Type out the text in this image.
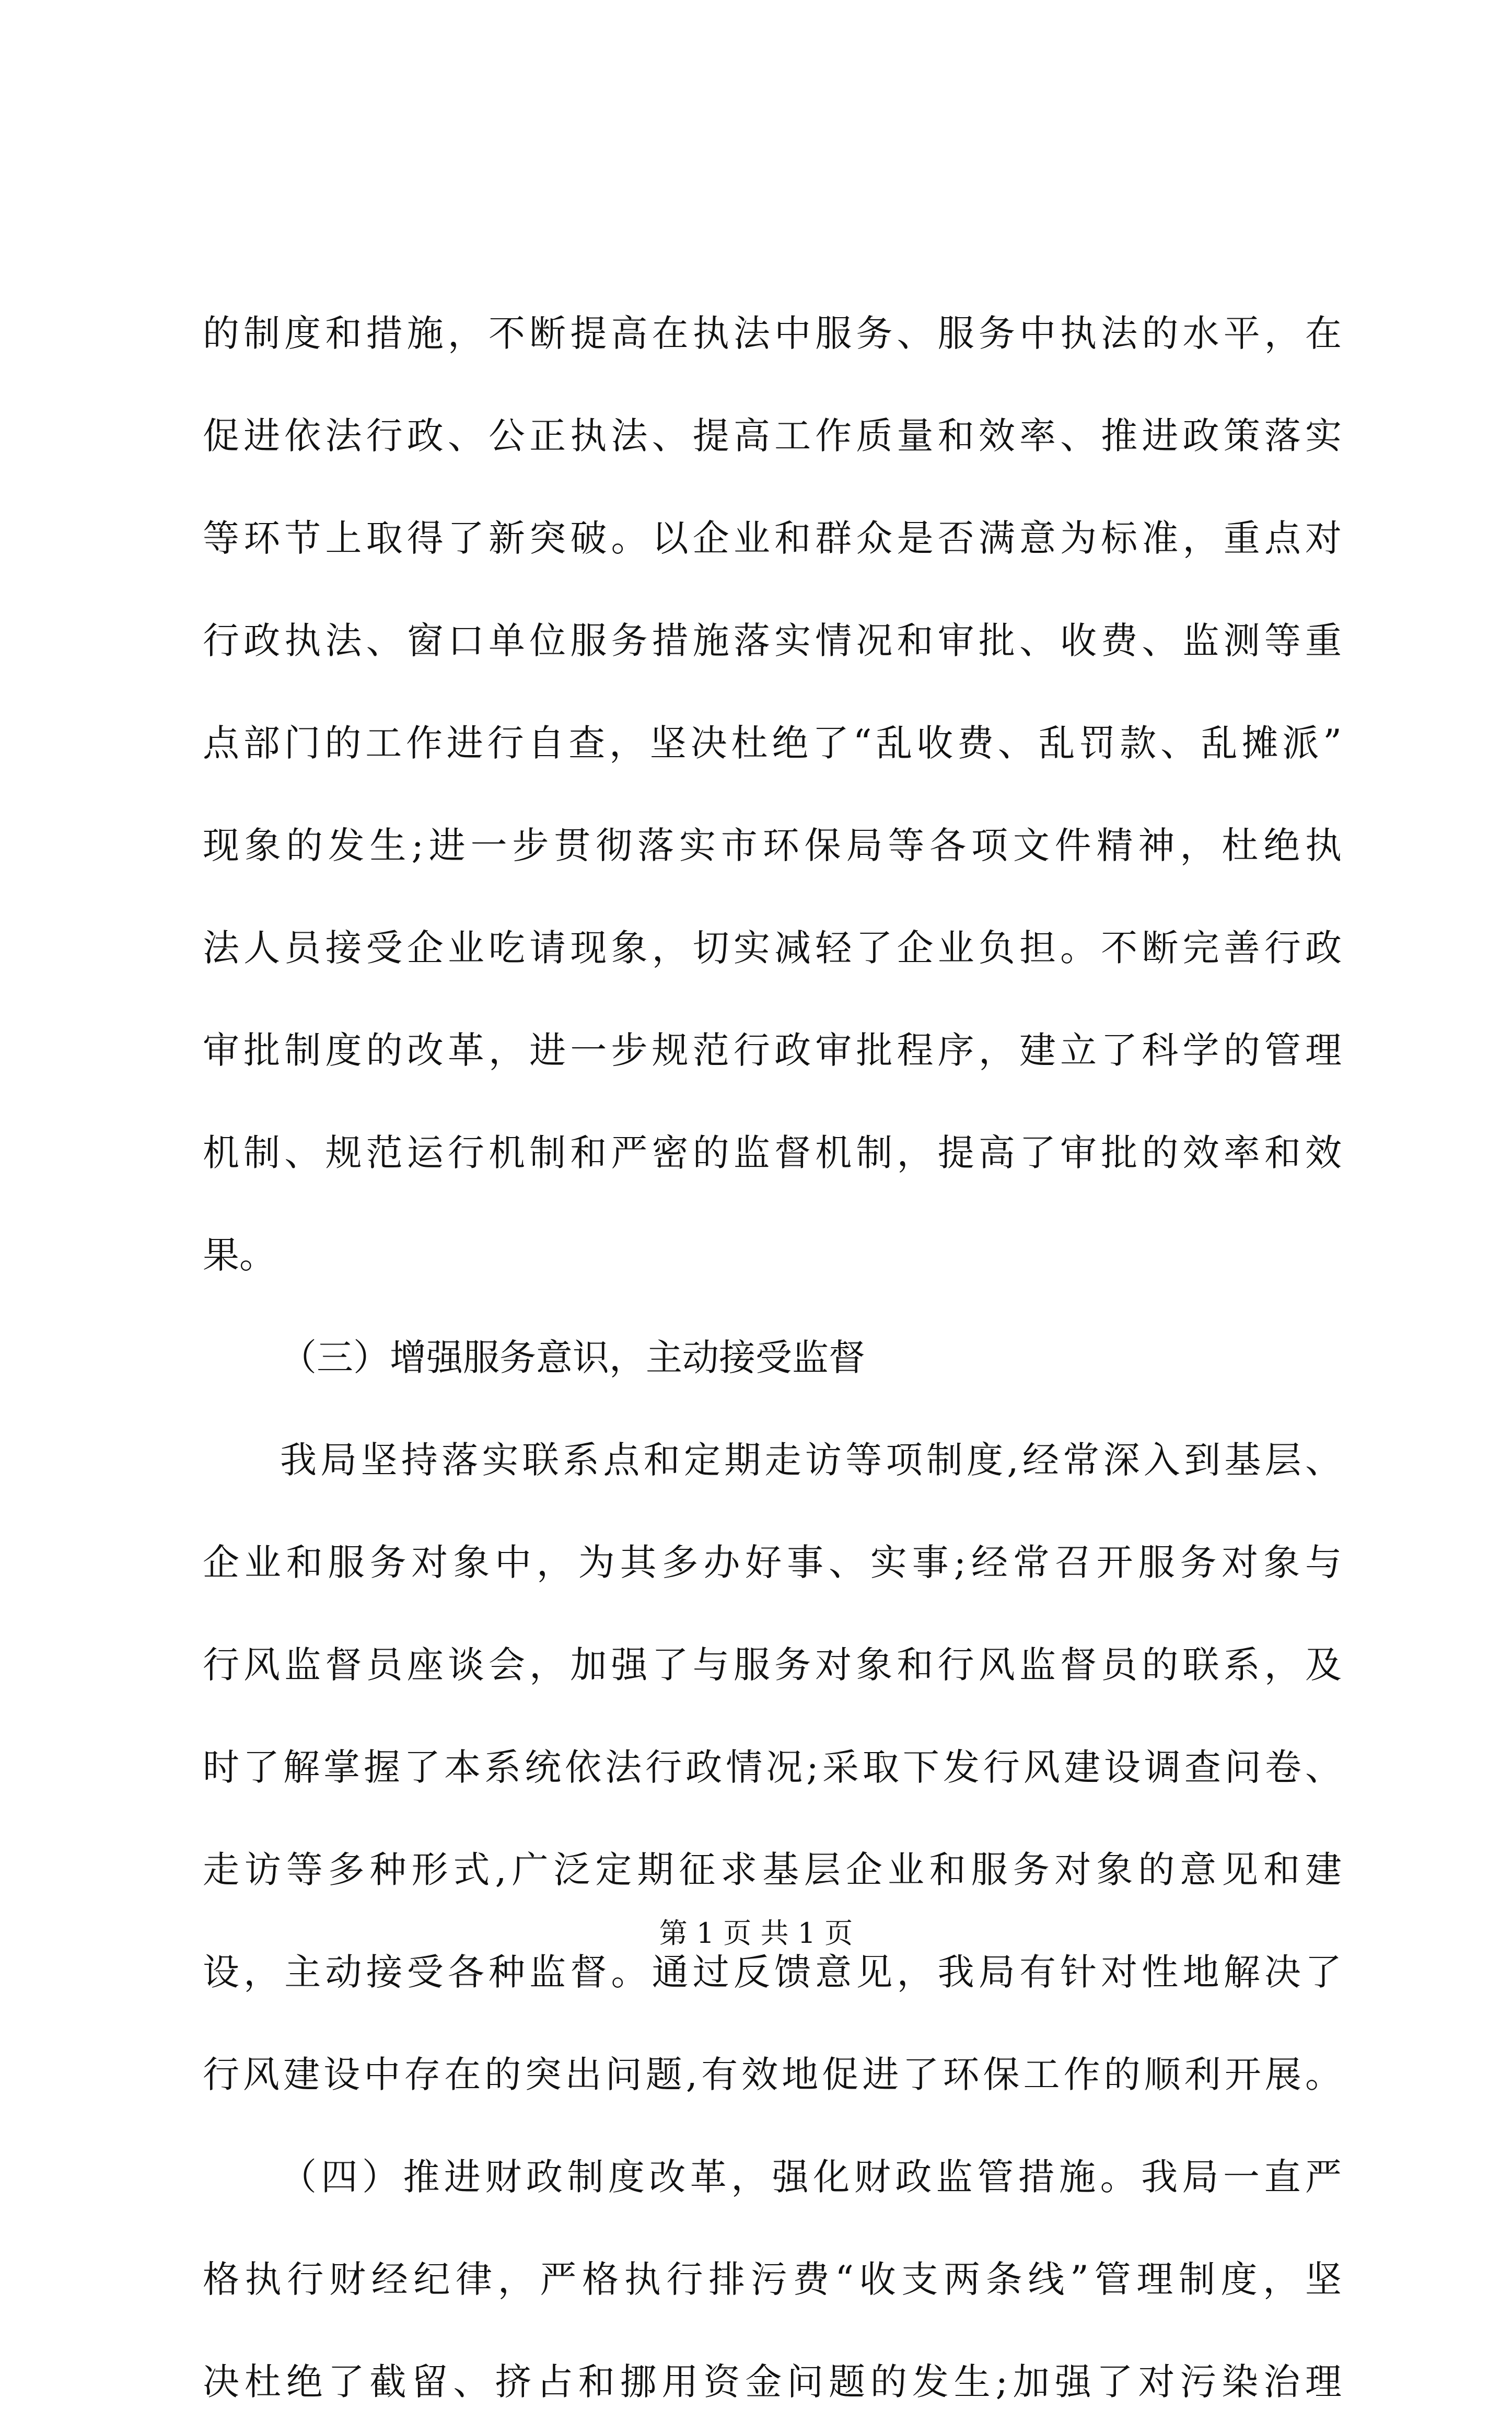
的制度和措施，不断提高在执法中服务、服务中执法的水平，在
促进依法行政、公正执法、提高工作质量和效率、推进政策落实
等环节上取得了新突破。以企业和群众是否满意为标准，重点对
行政执法、窗口单位服务措施落实情况和审批、收费、监测等重
点部门的工作进行自查，坚决杜绝了“乱收费、乱罚款、乱摊派”
现象的发生;进一步贯彻落实市环保局等各项文件精神，杜绝执
法人员接受企业吃请现象，切实减轻了企业负担。不断完善行政
审批制度的改革，进一步规范行政审批程序，建立了科学的管理
机制、规范运行机制和严密的监督机制，提高了审批的效率和效
果。
（三）增强服务意识，主动接受监督
我局坚持落实联系点和定期走访等项制度,经常深入到基层、
企业和服务对象中，为其多办好事、实事;经常召开服务对象与
行风监督员座谈会，加强了与服务对象和行风监督员的联系，及
时了解掌握了本系统依法行政情况;采取下发行风建设调查问卷、
走访等多种形式,广泛定期征求基层企业和服务对象的意见和建
设，主动接受各种监督。通过反馈意见，我局有针对性地解决了
行风建设中存在的突出问题,有效地促进了环保工作的顺利开展。
（四）推进财政制度改革，强化财政监管措施。我局一直严
格执行财经纪律，严格执行排污费“收支两条线”管理制度，坚
决杜绝了截留、挤占和挪用资金问题的发生;加强了对污染治理
第 1 页 共 1 页
